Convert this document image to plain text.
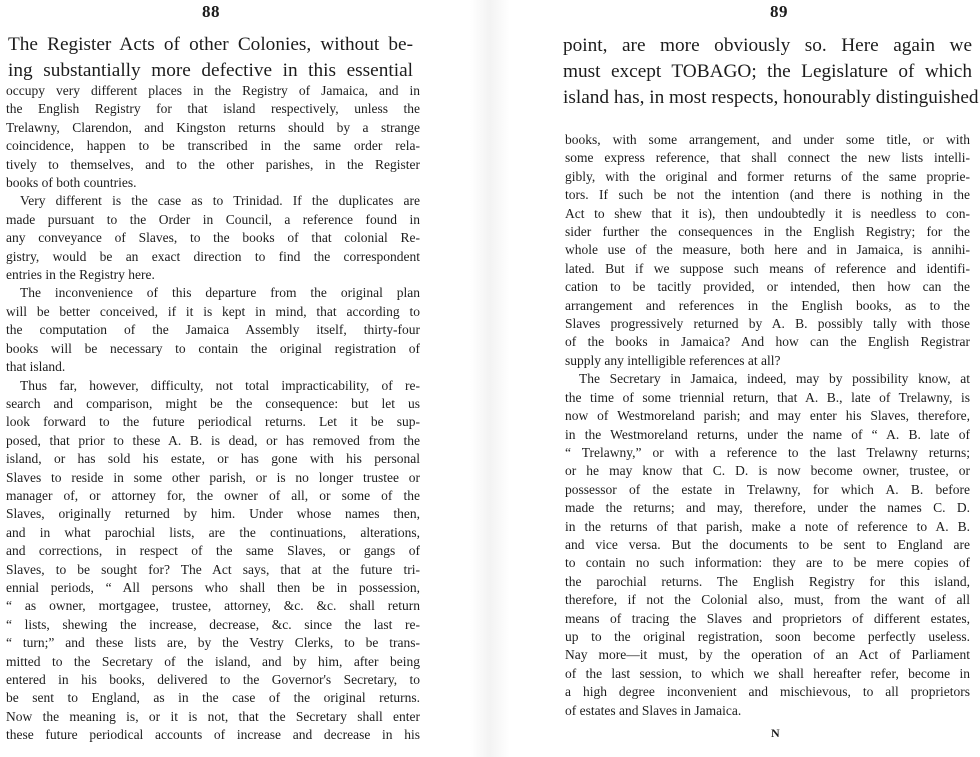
88
The Register Acts of other Colonies, without be-
ing substantially more defective in this essential
occupy very different places in the Registry of Jamaica, and in
the English Registry for that island respectively, unless the
Trelawny, Clarendon, and Kingston returns should by a strange
coincidence, happen to be transcribed in the same order rela-
tively to themselves, and to the other parishes, in the Register
books of both countries.
Very different is the case as to Trinidad. If the duplicates are
made pursuant to the Order in Council, a reference found in
any conveyance of Slaves, to the books of that colonial Re-
gistry, would be an exact direction to find the correspondent
entries in the Registry here.
The inconvenience of this departure from the original plan
will be better conceived, if it is kept in mind, that according to
the computation of the Jamaica Assembly itself, thirty-four
books will be necessary to contain the original registration of
that island.
Thus far, however, difficulty, not total impracticability, of re-
search and comparison, might be the consequence: but let us
look forward to the future periodical returns. Let it be sup-
posed, that prior to these A. B. is dead, or has removed from the
island, or has sold his estate, or has gone with his personal
Slaves to reside in some other parish, or is no longer trustee or
manager of, or attorney for, the owner of all, or some of the
Slaves, originally returned by him. Under whose names then,
and in what parochial lists, are the continuations, alterations,
and corrections, in respect of the same Slaves, or gangs of
Slaves, to be sought for? The Act says, that at the future tri-
ennial periods, “ All persons who shall then be in possession,
“ as owner, mortgagee, trustee, attorney, &c. &c. shall return
“ lists, shewing the increase, decrease, &c. since the last re-
“ turn;” and these lists are, by the Vestry Clerks, to be trans-
mitted to the Secretary of the island, and by him, after being
entered in his books, delivered to the Governor's Secretary, to
be sent to England, as in the case of the original returns.
Now the meaning is, or it is not, that the Secretary shall enter
these future periodical accounts of increase and decrease in his
89
point, are more obviously so. Here again we
must except TOBAGO; the Legislature of which
island has, in most respects, honourably distinguished
books, with some arrangement, and under some title, or with
some express reference, that shall connect the new lists intelli-
gibly, with the original and former returns of the same proprie-
tors. If such be not the intention (and there is nothing in the
Act to shew that it is), then undoubtedly it is needless to con-
sider further the consequences in the English Registry; for the
whole use of the measure, both here and in Jamaica, is annihi-
lated. But if we suppose such means of reference and identifi-
cation to be tacitly provided, or intended, then how can the
arrangement and references in the English books, as to the
Slaves progressively returned by A. B. possibly tally with those
of the books in Jamaica? And how can the English Registrar
supply any intelligible references at all?
The Secretary in Jamaica, indeed, may by possibility know, at
the time of some triennial return, that A. B., late of Trelawny, is
now of Westmoreland parish; and may enter his Slaves, therefore,
in the Westmoreland returns, under the name of “ A. B. late of
“ Trelawny,” or with a reference to the last Trelawny returns;
or he may know that C. D. is now become owner, trustee, or
possessor of the estate in Trelawny, for which A. B. before
made the returns; and may, therefore, under the names C. D.
in the returns of that parish, make a note of reference to A. B.
and vice versa. But the documents to be sent to England are
to contain no such information: they are to be mere copies of
the parochial returns. The English Registry for this island,
therefore, if not the Colonial also, must, from the want of all
means of tracing the Slaves and proprietors of different estates,
up to the original registration, soon become perfectly useless.
Nay more—it must, by the operation of an Act of Parliament
of the last session, to which we shall hereafter refer, become in
a high degree inconvenient and mischievous, to all proprietors
of estates and Slaves in Jamaica.
N
